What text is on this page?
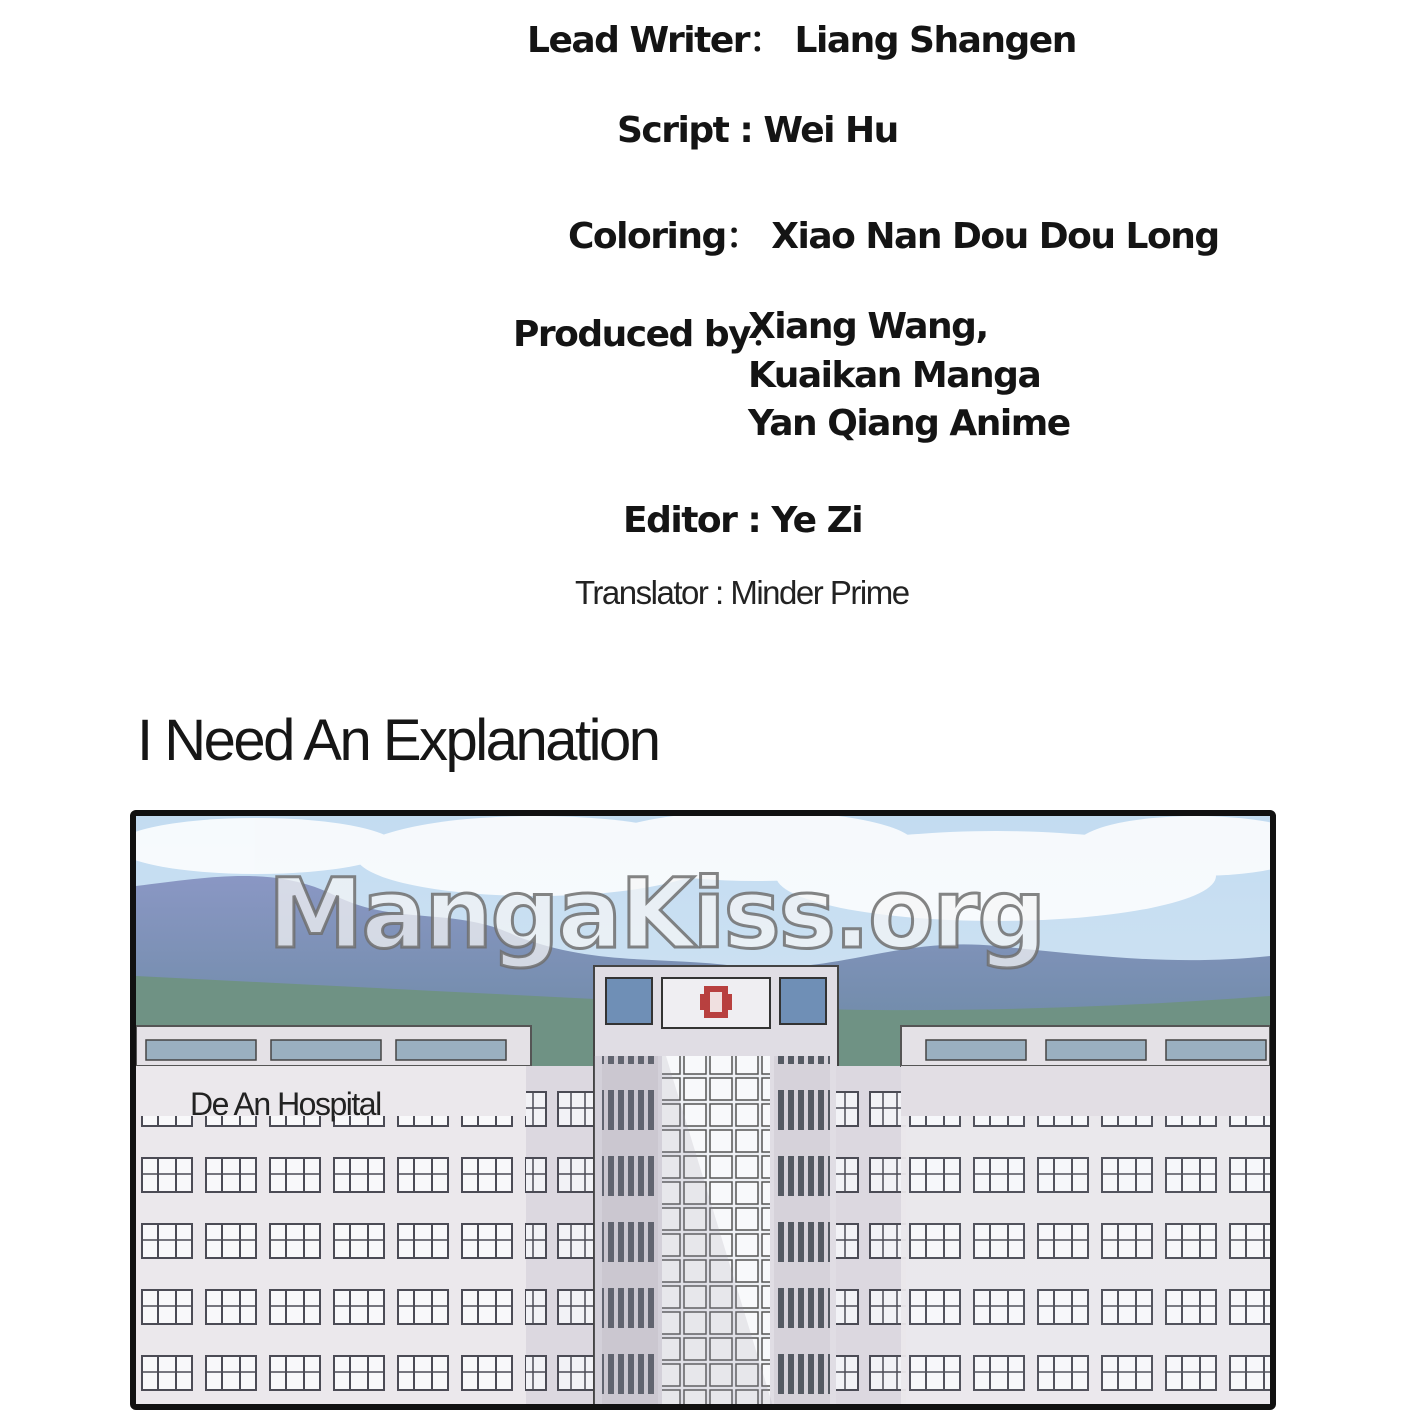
Lead Writer： Liang Shangen
Script : Wei Hu
Coloring： Xiao Nan Dou Dou Long
Produced by：
Xiang Wang,
Kuaikan Manga
Yan Qiang Anime
Editor : Ye Zi
Translator : Minder Prime
I Need An Explanation
De An Hospital
MangaKiss.org
